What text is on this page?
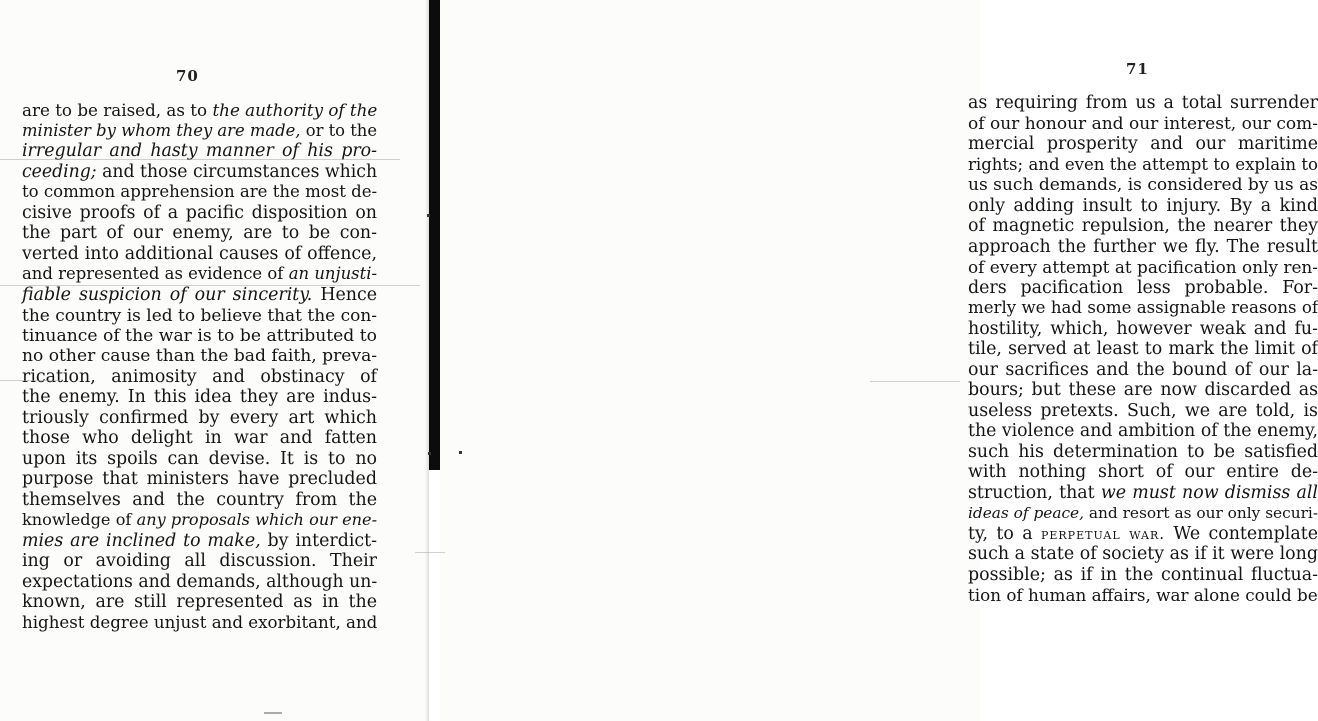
70
are to be raised, as to the authority of the
minister by whom they are made, or to the
irregular and hasty manner of his pro-
ceeding; and those circumstances which
to common apprehension are the most de-
cisive proofs of a pacific disposition on
the part of our enemy, are to be con-
verted into additional causes of offence,
and represented as evidence of an unjusti-
fiable suspicion of our sincerity. Hence
the country is led to believe that the con-
tinuance of the war is to be attributed to
no other cause than the bad faith, preva-
rication, animosity and obstinacy of
the enemy. In this idea they are indus-
triously confirmed by every art which
those who delight in war and fatten
upon its spoils can devise. It is to no
purpose that ministers have precluded
themselves and the country from the
knowledge of any proposals which our ene-
mies are inclined to make, by interdict-
ing or avoiding all discussion. Their
expectations and demands, although un-
known, are still represented as in the
highest degree unjust and exorbitant, and
71
as requiring from us a total surrender
of our honour and our interest, our com-
mercial prosperity and our maritime
rights; and even the attempt to explain to
us such demands, is considered by us as
only adding insult to injury. By a kind
of magnetic repulsion, the nearer they
approach the further we fly. The result
of every attempt at pacification only ren-
ders pacification less probable. For-
merly we had some assignable reasons of
hostility, which, however weak and fu-
tile, served at least to mark the limit of
our sacrifices and the bound of our la-
bours; but these are now discarded as
useless pretexts. Such, we are told, is
the violence and ambition of the enemy,
such his determination to be satisfied
with nothing short of our entire de-
struction, that we must now dismiss all
ideas of peace, and resort as our only securi-
ty, to a perpetual war. We contemplate
such a state of society as if it were long
possible; as if in the continual fluctua-
tion of human affairs, war alone could be
